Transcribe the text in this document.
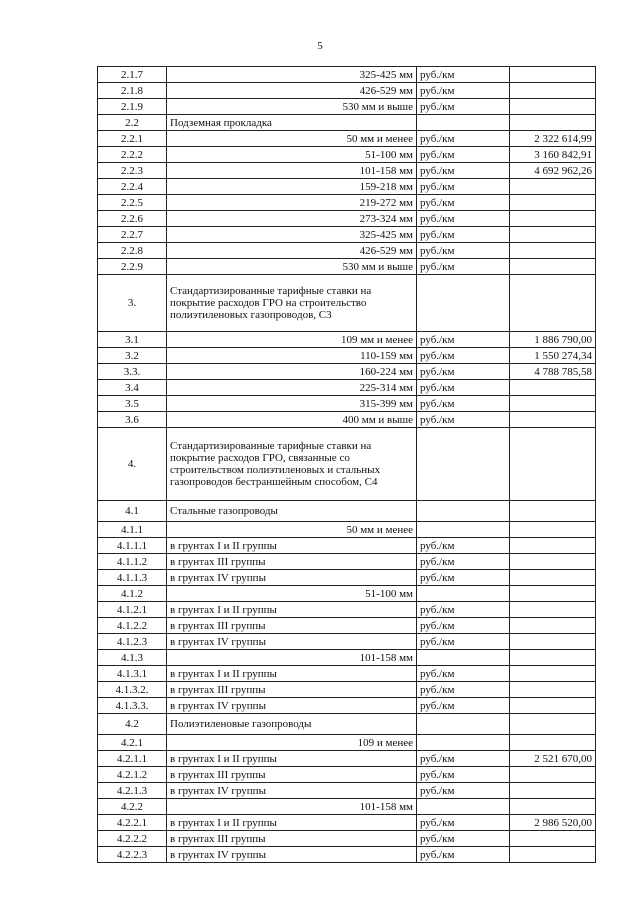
5
2.1.7	325-425 мм	руб./км	
2.1.8	426-529 мм	руб./км	
2.1.9	530 мм и выше	руб./км	
2.2	Подземная прокладка		
2.2.1	50 мм и менее	руб./км	2 322 614,99
2.2.2	51-100 мм	руб./км	3 160 842,91
2.2.3	101-158 мм	руб./км	4 692 962,26
2.2.4	159-218 мм	руб./км	
2.2.5	219-272 мм	руб./км	
2.2.6	273-324 мм	руб./км	
2.2.7	325-425 мм	руб./км	
2.2.8	426-529 мм	руб./км	
2.2.9	530 мм и выше	руб./км	
3.	Стандартизированные тарифные ставки на покрытие расходов ГРО на строительство полиэтиленовых газопроводов, С3		
3.1	109 мм и менее	руб./км	1 886 790,00
3.2	110-159 мм	руб./км	1 550 274,34
3.3.	160-224 мм	руб./км	4 788 785,58
3.4	225-314 мм	руб./км	
3.5	315-399 мм	руб./км	
3.6	400 мм и выше	руб./км	
4.	Стандартизированные тарифные ставки на покрытие расходов ГРО, связанные со строительством полиэтиленовых и стальных газопроводов бестраншейным способом, С4		
4.1	Стальные газопроводы		
4.1.1	50 мм и менее		
4.1.1.1	в грунтах I и II группы	руб./км	
4.1.1.2	в грунтах III группы	руб./км	
4.1.1.3	в грунтах IV группы	руб./км	
4.1.2	51-100 мм		
4.1.2.1	в грунтах I и II группы	руб./км	
4.1.2.2	в грунтах III группы	руб./км	
4.1.2.3	в грунтах IV группы	руб./км	
4.1.3	101-158 мм		
4.1.3.1	в грунтах I и II группы	руб./км	
4.1.3.2.	в грунтах III группы	руб./км	
4.1.3.3.	в грунтах IV группы	руб./км	
4.2	Полиэтиленовые газопроводы		
4.2.1	109 и менее		
4.2.1.1	в грунтах I и II группы	руб./км	2 521 670,00
4.2.1.2	в грунтах III группы	руб./км	
4.2.1.3	в грунтах IV группы	руб./км	
4.2.2	101-158 мм		
4.2.2.1	в грунтах I и II группы	руб./км	2 986 520,00
4.2.2.2	в грунтах III группы	руб./км	
4.2.2.3	в грунтах IV группы	руб./км	
